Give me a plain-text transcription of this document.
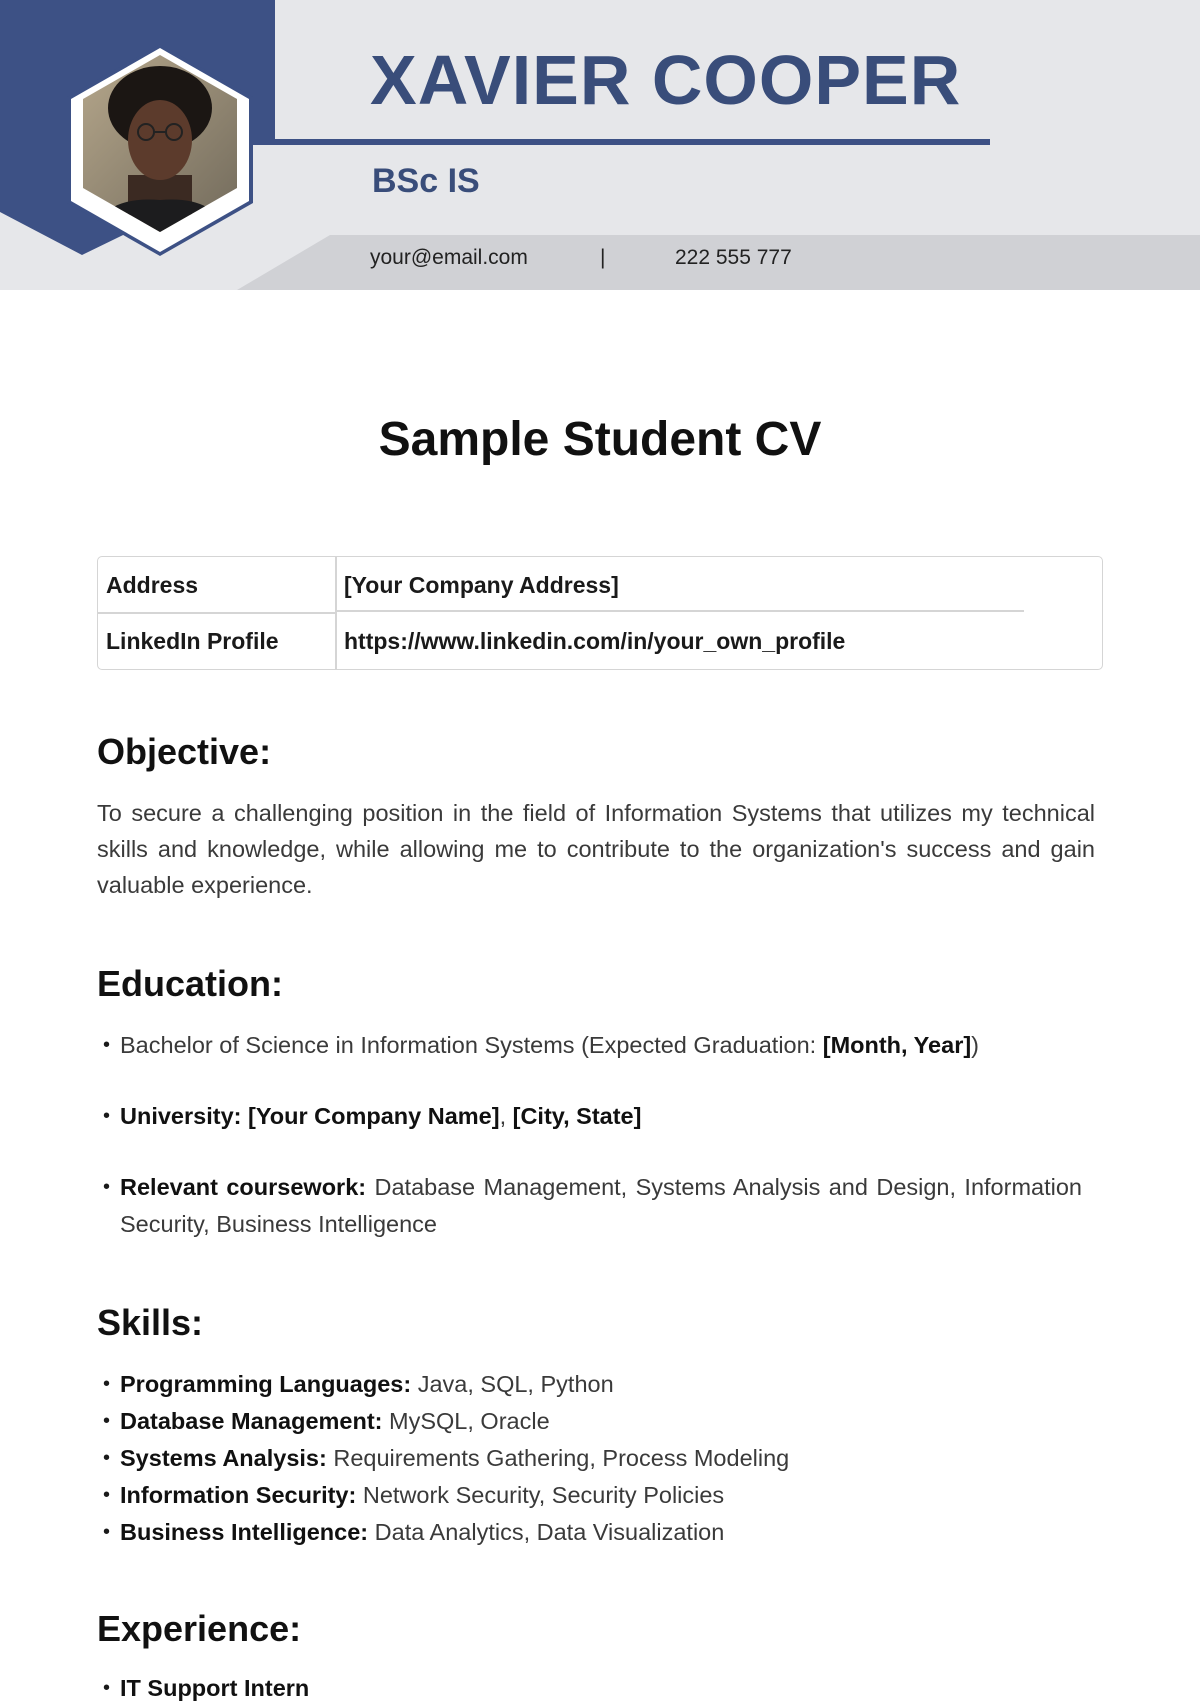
XAVIER COOPER
BSc IS
your@email.com	|	222 555 777
Sample Student CV
Address	[Your Company Address]
LinkedIn Profile	https://www.linkedin.com/in/your_own_profile
Objective:

To secure a challenging position in the field of Information Systems that utilizes my technical skills and knowledge, while allowing me to contribute to the organization's success and gain valuable experience.

Education:
• Bachelor of Science in Information Systems (Expected Graduation: [Month, Year])
• University: [Your Company Name], [City, State]
• Relevant coursework: Database Management, Systems Analysis and Design, Information Security, Business Intelligence
Skills:
• Programming Languages: Java, SQL, Python
• Database Management: MySQL, Oracle
• Systems Analysis: Requirements Gathering, Process Modeling
• Information Security: Network Security, Security Policies
• Business Intelligence: Data Analytics, Data Visualization
Experience:
• IT Support Intern
